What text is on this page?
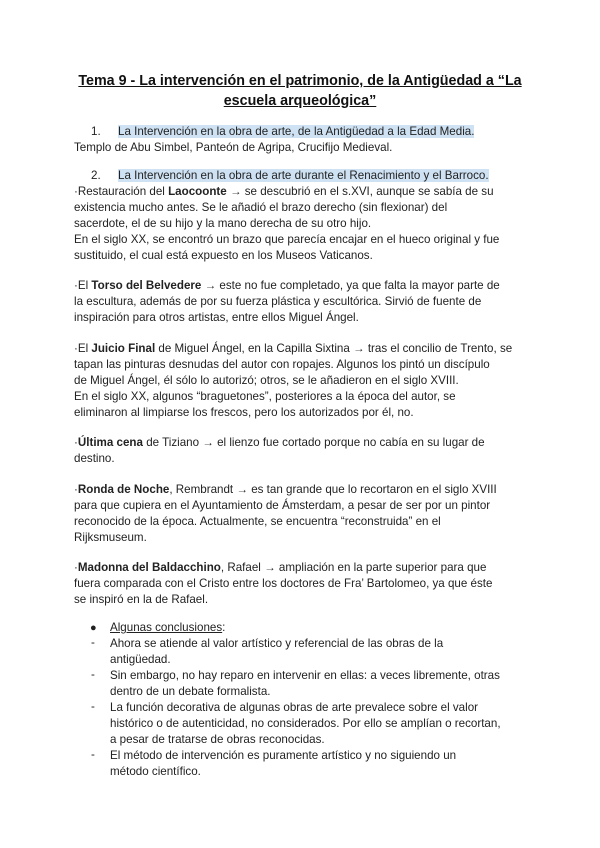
Tema 9 - La intervención en el patrimonio, de la Antigüedad a “La
escuela arqueológica”
1. La Intervención en la obra de arte, de la Antigüedad a la Edad Media.
Templo de Abu Simbel, Panteón de Agripa, Crucifijo Medieval.
2. La Intervención en la obra de arte durante el Renacimiento y el Barroco.
·Restauración del Laocoonte → se descubrió en el s.XVI, aunque se sabía de su
existencia mucho antes. Se le añadió el brazo derecho (sin flexionar) del
sacerdote, el de su hijo y la mano derecha de su otro hijo.
En el siglo XX, se encontró un brazo que parecía encajar en el hueco original y fue
sustituido, el cual está expuesto en los Museos Vaticanos.
·El Torso del Belvedere → este no fue completado, ya que falta la mayor parte de
la escultura, además de por su fuerza plástica y escultórica. Sirvió de fuente de
inspiración para otros artistas, entre ellos Miguel Ángel.
·El Juicio Final de Miguel Ángel, en la Capilla Sixtina → tras el concilio de Trento, se
tapan las pinturas desnudas del autor con ropajes. Algunos los pintó un discípulo
de Miguel Ángel, él sólo lo autorizó; otros, se le añadieron en el siglo XVIII.
En el siglo XX, algunos “braguetones”, posteriores a la época del autor, se
eliminaron al limpiarse los frescos, pero los autorizados por él, no.
·Última cena de Tiziano → el lienzo fue cortado porque no cabía en su lugar de
destino.
·Ronda de Noche, Rembrandt → es tan grande que lo recortaron en el siglo XVIII
para que cupiera en el Ayuntamiento de Ámsterdam, a pesar de ser por un pintor
reconocido de la época. Actualmente, se encuentra “reconstruida” en el
Rijksmuseum.
·Madonna del Baldacchino, Rafael → ampliación en la parte superior para que
fuera comparada con el Cristo entre los doctores de Fra’ Bartolomeo, ya que éste
se inspiró en la de Rafael.
● Algunas conclusiones:
- Ahora se atiende al valor artístico y referencial de las obras de la
antigüedad.
- Sin embargo, no hay reparo en intervenir en ellas: a veces libremente, otras
dentro de un debate formalista.
- La función decorativa de algunas obras de arte prevalece sobre el valor
histórico o de autenticidad, no considerados. Por ello se amplían o recortan,
a pesar de tratarse de obras reconocidas.
- El método de intervención es puramente artístico y no siguiendo un
método científico.
